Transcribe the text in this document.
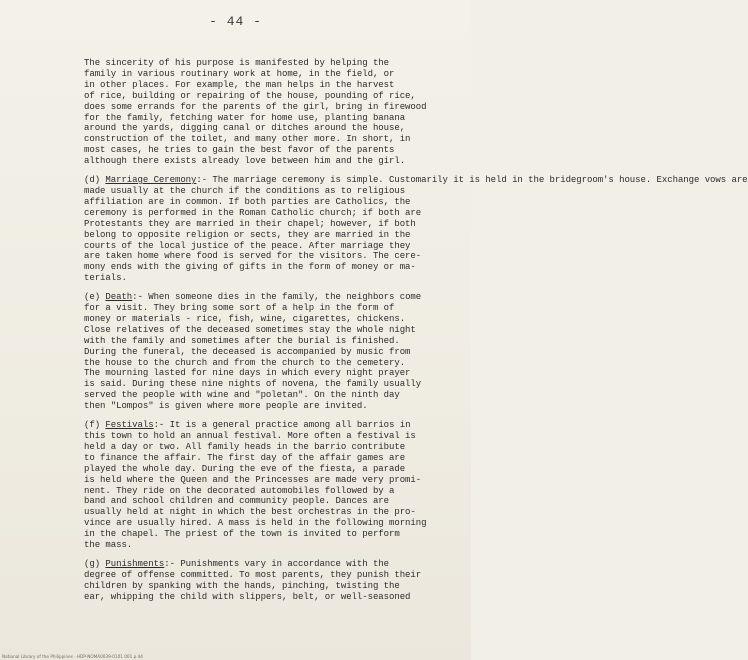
- 44 -
The sincerity of his purpose is manifested by helping the
family in various routinary work at home, in the field, or
in other places. For example, the man helps in the harvest
of rice, building or repairing of the house, pounding of rice,
does some errands for the parents of the girl, bring in firewood
for the family, fetching water for home use, planting banana
around the yards, digging canal or ditches around the house,
construction of the toilet, and many other more. In short, in
most cases, he tries to gain the best favor of the parents
although there exists already love between him and the girl.
(d) Marriage Ceremony:- The marriage ceremony is simple. Customarily it is held in the bridegroom's house. Exchange vows are
made usually at the church if the conditions as to religious
affiliation are in common. If both parties are Catholics, the
ceremony is performed in the Roman Catholic church; if both are
Protestants they are married in their chapel; however, if both
belong to opposite religion or sects, they are married in the
courts of the local justice of the peace. After marriage they
are taken home where food is served for the visitors. The cere-
mony ends with the giving of gifts in the form of money or ma-
terials.
(e) Death:- When someone dies in the family, the neighbors come
for a visit. They bring some sort of a help in the form of
money or materials - rice, fish, wine, cigarettes, chickens.
Close relatives of the deceased sometimes stay the whole night
with the family and sometimes after the burial is finished.
During the funeral, the deceased is accompanied by music from
the house to the church and from the church to the cemetery.
The mourning lasted for nine days in which every night prayer
is said. During these nine nights of novena, the family usually
served the people with wine and "poletan". On the ninth day
then "Lompos" is given where more people are invited.
(f) Festivals:- It is a general practice among all barrios in
this town to hold an annual festival. More often a festival is
held a day or two. All family heads in the barrio contribute
to finance the affair. The first day of the affair games are
played the whole day. During the eve of the fiesta, a parade
is held where the Queen and the Princesses are made very promi-
nent. They ride on the decorated automobiles followed by a
band and school children and community people. Dances are
usually held at night in which the best orchestras in the pro-
vince are usually hired. A mass is held in the following morning
in the chapel. The priest of the town is invited to perform
the mass.
(g) Punishments:- Punishments vary in accordance with the
degree of offense committed. To most parents, they punish their
children by spanking with the hands, pinching, twisting the
ear, whipping the child with slippers, belt, or well-seasoned
National Library of the Philippines · HDP-NOMA0039-0101 001 p.44
